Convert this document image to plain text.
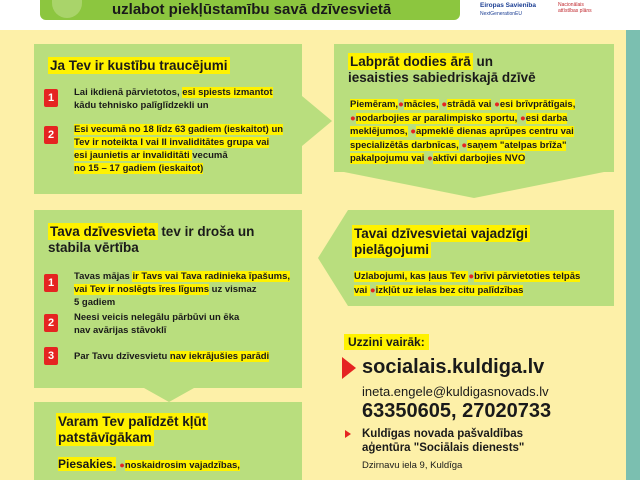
uzlabot piekļūstamību savā dzīvesvietā	Eiropas Savienība
NextGenerationEU
Nacionālais
attīstības plāns
Ja Tev ir kustību traucējumi
1	Lai ikdienā pārvietotos, esi spiests izmantot
kādu tehnisko palīglīdzekli un
2	Esi vecumā no 18 līdz 63 gadiem (ieskaitot) un
Tev ir noteikta I vai II invaliditātes grupa vai
esi jaunietis ar invaliditāti vecumā
no 15 – 17 gadiem (ieskaitot)
Labprāt dodies ārā un
iesaisties sabiedriskajā dzīvē
Piemēram,●mācies, ●strādā vai ●esi brīvprātīgais,
●nodarbojies ar paralimpisko sportu, ●esi darba
meklējumos, ●apmeklē dienas aprūpes centru vai
specializētās darbnīcas, ●saņem "atelpas brīža"
pakalpojumu vai ●aktīvi darbojies NVO
Tava dzīvesvieta tev ir droša un
stabila vērtība
1
Tavas mājas ir Tavs vai Tava radinieka īpašums,
vai Tev ir noslēgts īres līgums uz vismaz
5 gadiem
2	Neesi veicis nelegālu pārbūvi un ēka
nav avārijas stāvoklī
3	Par Tavu dzīvesvietu nav iekrājušies parādi
Tavai dzīvesvietai vajadzīgi
pielāgojumi
Uzlabojumi, kas ļaus Tev ●brīvi pārvietoties telpās
vai ●izkļūt uz ielas bez citu palīdzības
Varam Tev palīdzēt kļūt
patstāvīgākam
Piesakies. ●noskaidrosim vajadzības,
Uzzini vairāk:
socialais.kuldiga.lv
ineta.engele@kuldigasnovads.lv
63350605, 27020733
Kuldīgas novada pašvaldības
aģentūra "Sociālais dienests"
Dzirnavu iela 9, Kuldīga
